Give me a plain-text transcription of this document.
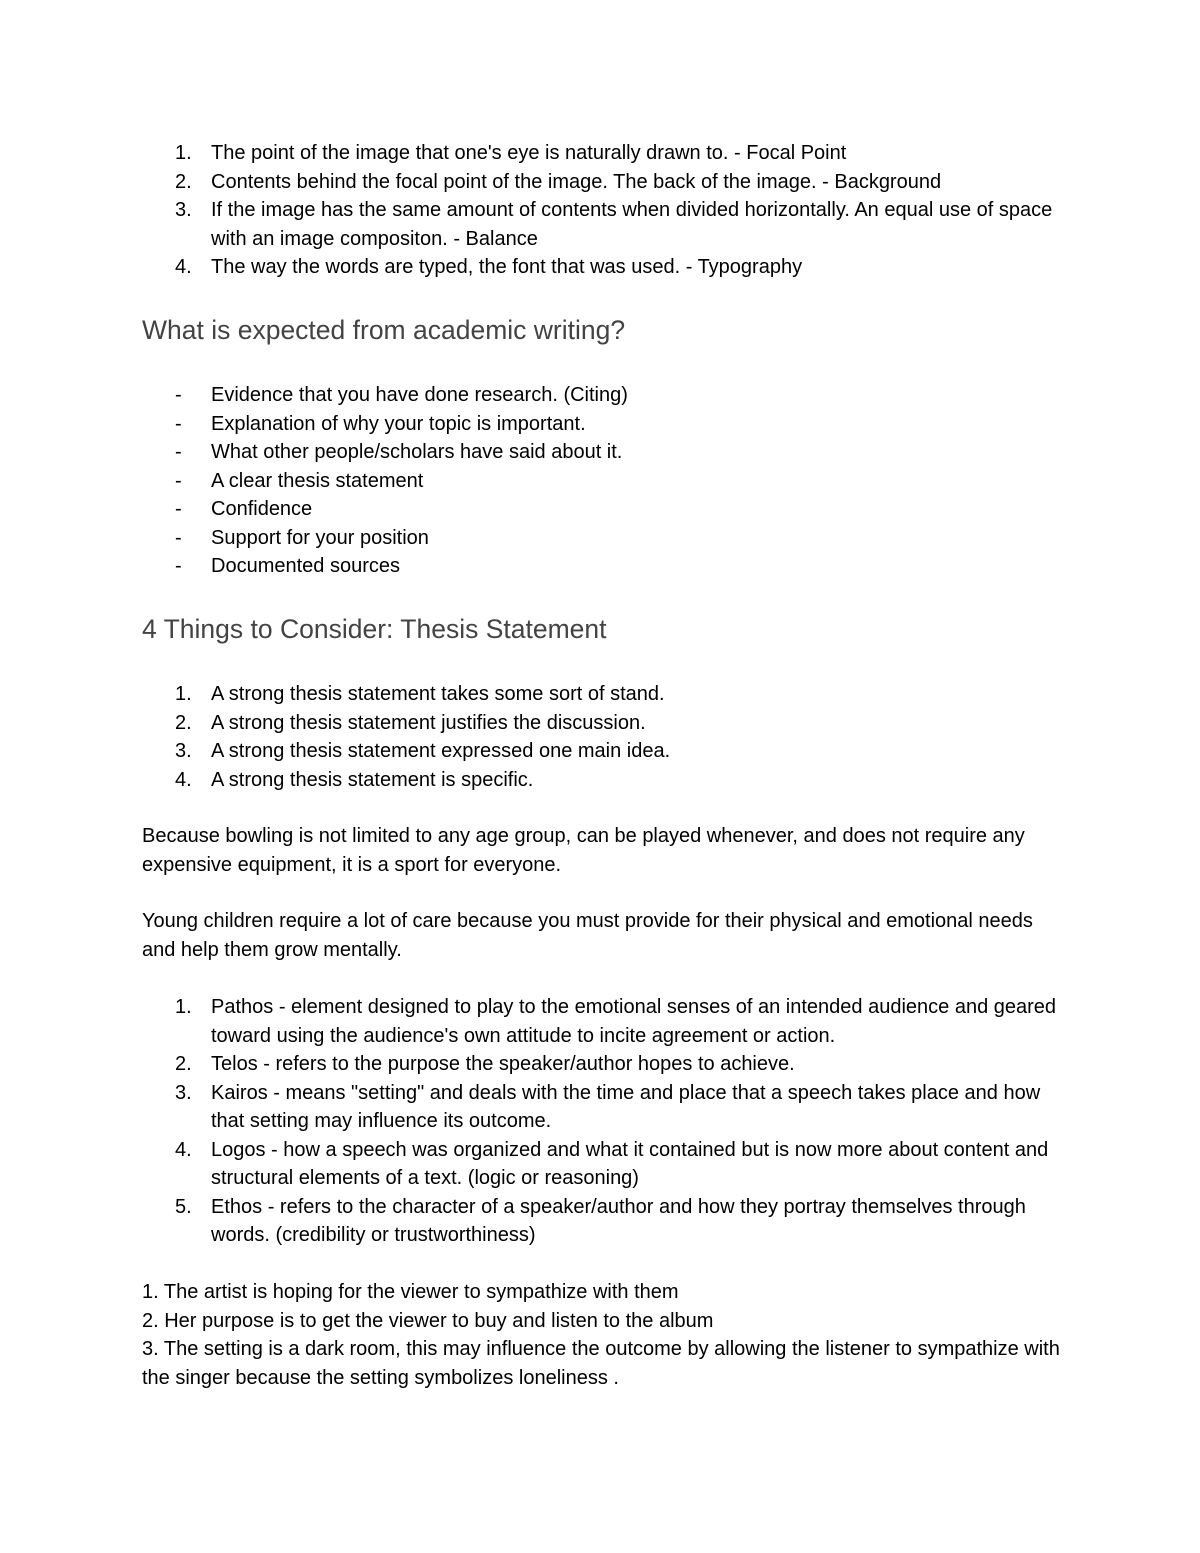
1. The point of the image that one's eye is naturally drawn to. - Focal Point
2. Contents behind the focal point of the image. The back of the image. - Background
3. If the image has the same amount of contents when divided horizontally. An equal use of space with an image compositon. - Balance
4. The way the words are typed, the font that was used. - Typography
What is expected from academic writing?
- Evidence that you have done research. (Citing)
- Explanation of why your topic is important.
- What other people/scholars have said about it.
- A clear thesis statement
- Confidence
- Support for your position
- Documented sources
4 Things to Consider: Thesis Statement
1. A strong thesis statement takes some sort of stand.
2. A strong thesis statement justifies the discussion.
3. A strong thesis statement expressed one main idea.
4. A strong thesis statement is specific.

Because bowling is not limited to any age group, can be played whenever, and does not require any expensive equipment, it is a sport for everyone.

Young children require a lot of care because you must provide for their physical and emotional needs and help them grow mentally.

1. Pathos - element designed to play to the emotional senses of an intended audience and geared toward using the audience's own attitude to incite agreement or action.
2. Telos - refers to the purpose the speaker/author hopes to achieve.
3. Kairos - means "setting" and deals with the time and place that a speech takes place and how that setting may influence its outcome.
4. Logos - how a speech was organized and what it contained but is now more about content and structural elements of a text. (logic or reasoning)
5. Ethos - refers to the character of a speaker/author and how they portray themselves through words. (credibility or trustworthiness)
1. The artist is hoping for the viewer to sympathize with them
2. Her purpose is to get the viewer to buy and listen to the album
3. The setting is a dark room, this may influence the outcome by allowing the listener to sympathize with the singer because the setting symbolizes loneliness .
